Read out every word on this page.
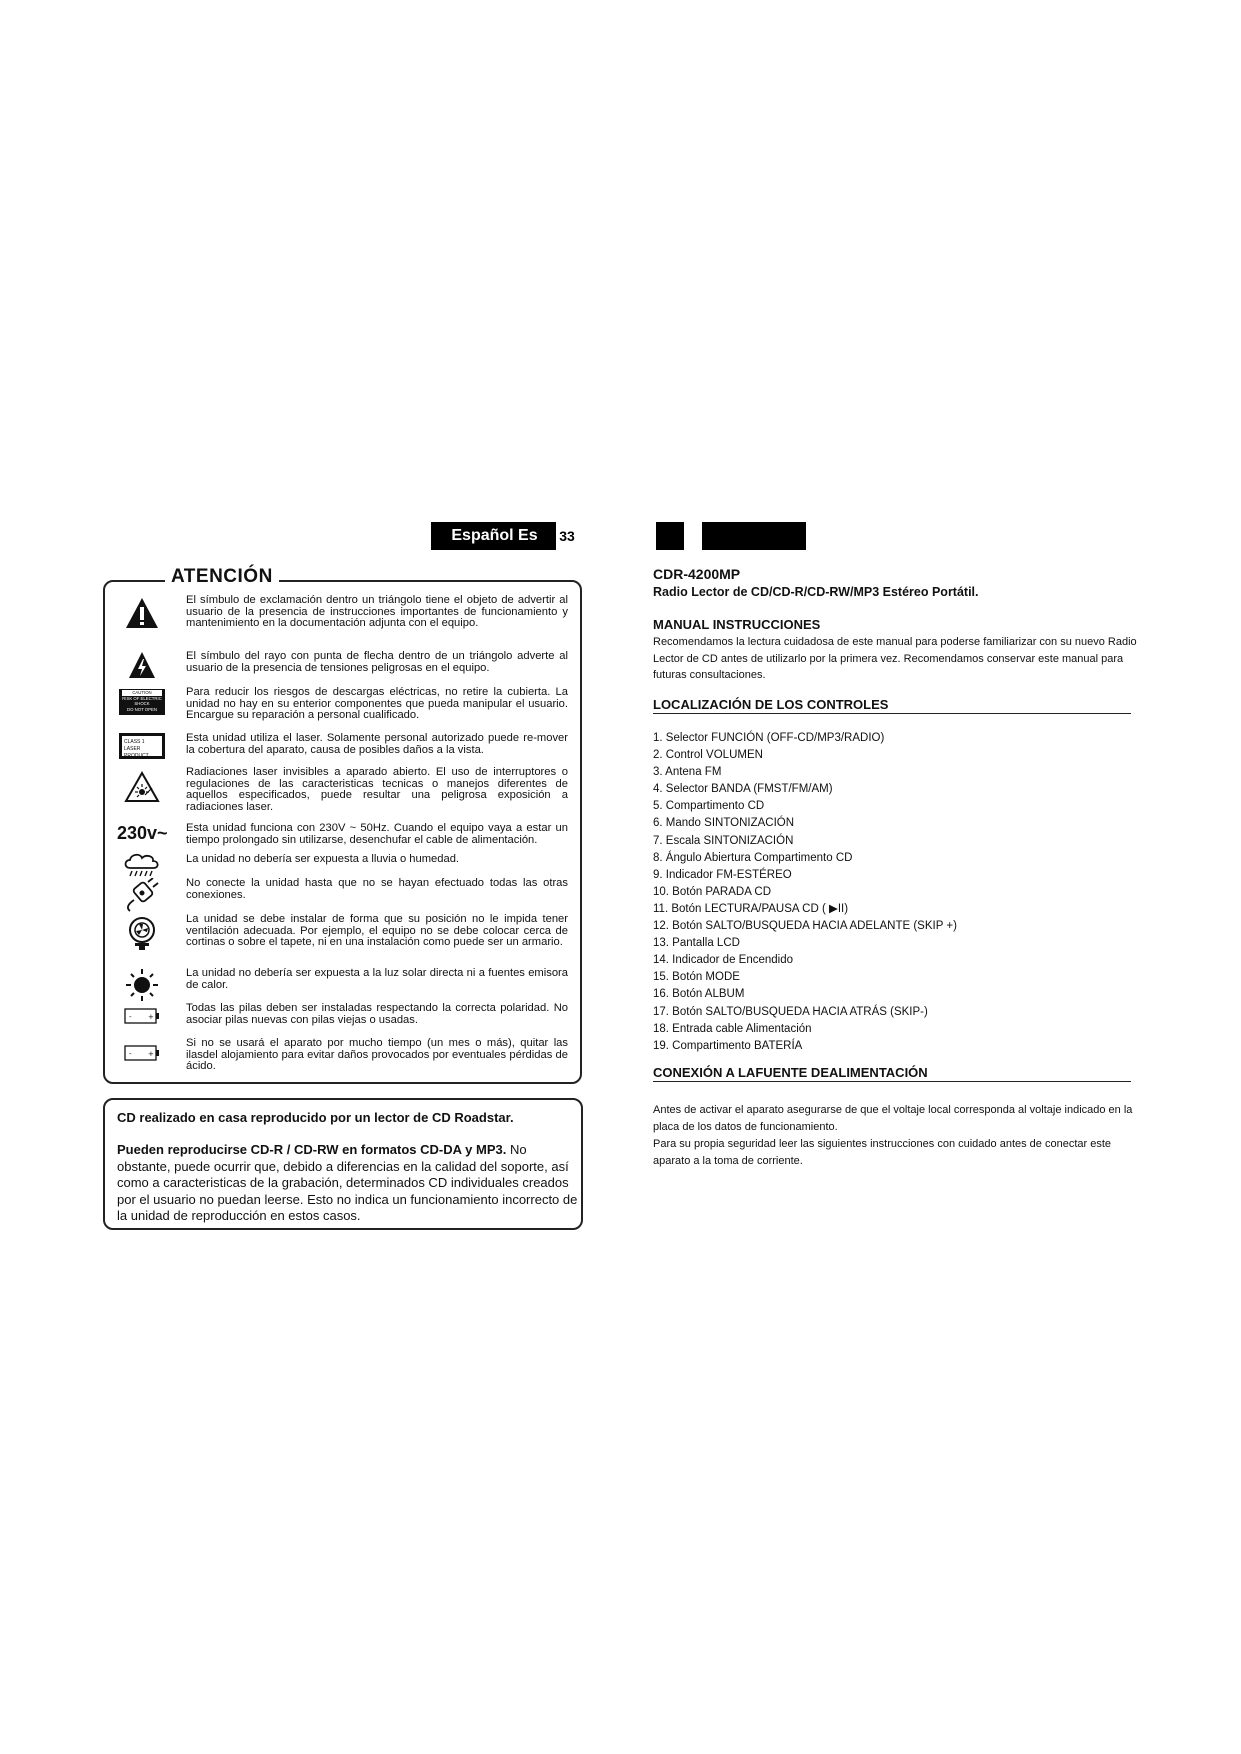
Español Es	33
El símbulo de exclamación dentro un triángolo tiene el objeto de advertir al usuario de la presencia de instrucciones importantes de funcionamiento y mantenimiento en la documentación adjunta con el equipo.
El símbulo del rayo con punta de flecha dentro de un triángolo adverte al usuario de la presencia de tensiones peligrosas en el equipo.
CAUTION
RISK OF ELECTRIC
SHOCK
DO NOT OPEN
Para reducir los riesgos de descargas eléctricas, no retire la cubierta. La unidad no hay en su enterior componentes que pueda manipular el usuario. Encargue su reparación a personal cualificado.
CLASS 1
LASER PRODUCT
Esta unidad utiliza el laser. Solamente personal autorizado puede re-mover la cobertura del aparato, causa de posibles daños a la vista.
Radiaciones laser invisibles a aparado abierto. El uso de interruptores o regulaciones de las caracteristicas tecnicas o manejos diferentes de aquellos especificados, puede resultar una peligrosa exposición a radiaciones laser.
230v~ Esta unidad funciona con 230V ~ 50Hz. Cuando el equipo vaya a estar un tiempo prolongado sin utilizarse, desenchufar el cable de alimentación.
La unidad no debería ser expuesta a lluvia o humedad.
No conecte la unidad hasta que no se hayan efectuado todas las otras conexiones.
La unidad se debe instalar de forma que su posición no le impida tener ventilación adecuada. Por ejemplo, el equipo no se debe colocar cerca de cortinas o sobre el tapete, ni en una instalación como puede ser un armario.
La unidad no debería ser expuesta a la luz solar directa ni a fuentes emisora de calor.
- +
Todas las pilas deben ser instaladas respectando la correcta polaridad. No asociar pilas nuevas con pilas viejas o usadas.
- +
Si no se usará el aparato por mucho tiempo (un mes o más), quitar las ilasdel alojamiento para evitar daños provocados por eventuales pérdidas de ácido.
ATENCIÓN
CD realizado en casa reproducido por un lector de CD Roadstar.
Pueden reproducirse CD-R / CD-RW en formatos CD-DA y MP3. No obstante, puede ocurrir que, debido a diferencias en la calidad del soporte, así como a caracteristicas de la grabación, determinados CD individuales creados por el usuario no puedan leerse. Esto no indica un funcionamiento incorrecto de la unidad de reproducción en estos casos.
CDR-4200MP
Radio Lector de CD/CD-R/CD-RW/MP3 Estéreo Portátil.
MANUAL INSTRUCCIONES
Recomendamos la lectura cuidadosa de este manual para poderse familiarizar con su nuevo Radio Lector de CD antes de utilizarlo por la primera vez. Recomendamos conservar este manual para futuras consultaciones.
LOCALIZACIÓN DE LOS CONTROLES
1. Selector FUNCIÓN (OFF-CD/MP3/RADIO)
2. Control VOLUMEN
3. Antena FM
4. Selector BANDA (FMST/FM/AM)
5. Compartimento CD
6. Mando SINTONIZACIÓN
7. Escala SINTONIZACIÓN
8. Ángulo Abiertura Compartimento CD
9. Indicador FM-ESTÉREO
10. Botón PARADA CD
11. Botón LECTURA/PAUSA CD ( ▶II)
12. Botón SALTO/BUSQUEDA HACIA ADELANTE (SKIP +)
13. Pantalla LCD
14. Indicador de Encendido
15. Botón MODE
16. Botón ALBUM
17. Botón SALTO/BUSQUEDA HACIA ATRÁS (SKIP-)
18. Entrada cable Alimentación
19. Compartimento BATERÍA
CONEXIÓN A LAFUENTE DEALIMENTACIÓN
Antes de activar el aparato asegurarse de que el voltaje local corresponda al voltaje indicado en la placa de los datos de funcionamiento.
Para su propia seguridad leer las siguientes instrucciones con cuidado antes de conectar este aparato a la toma de corriente.
